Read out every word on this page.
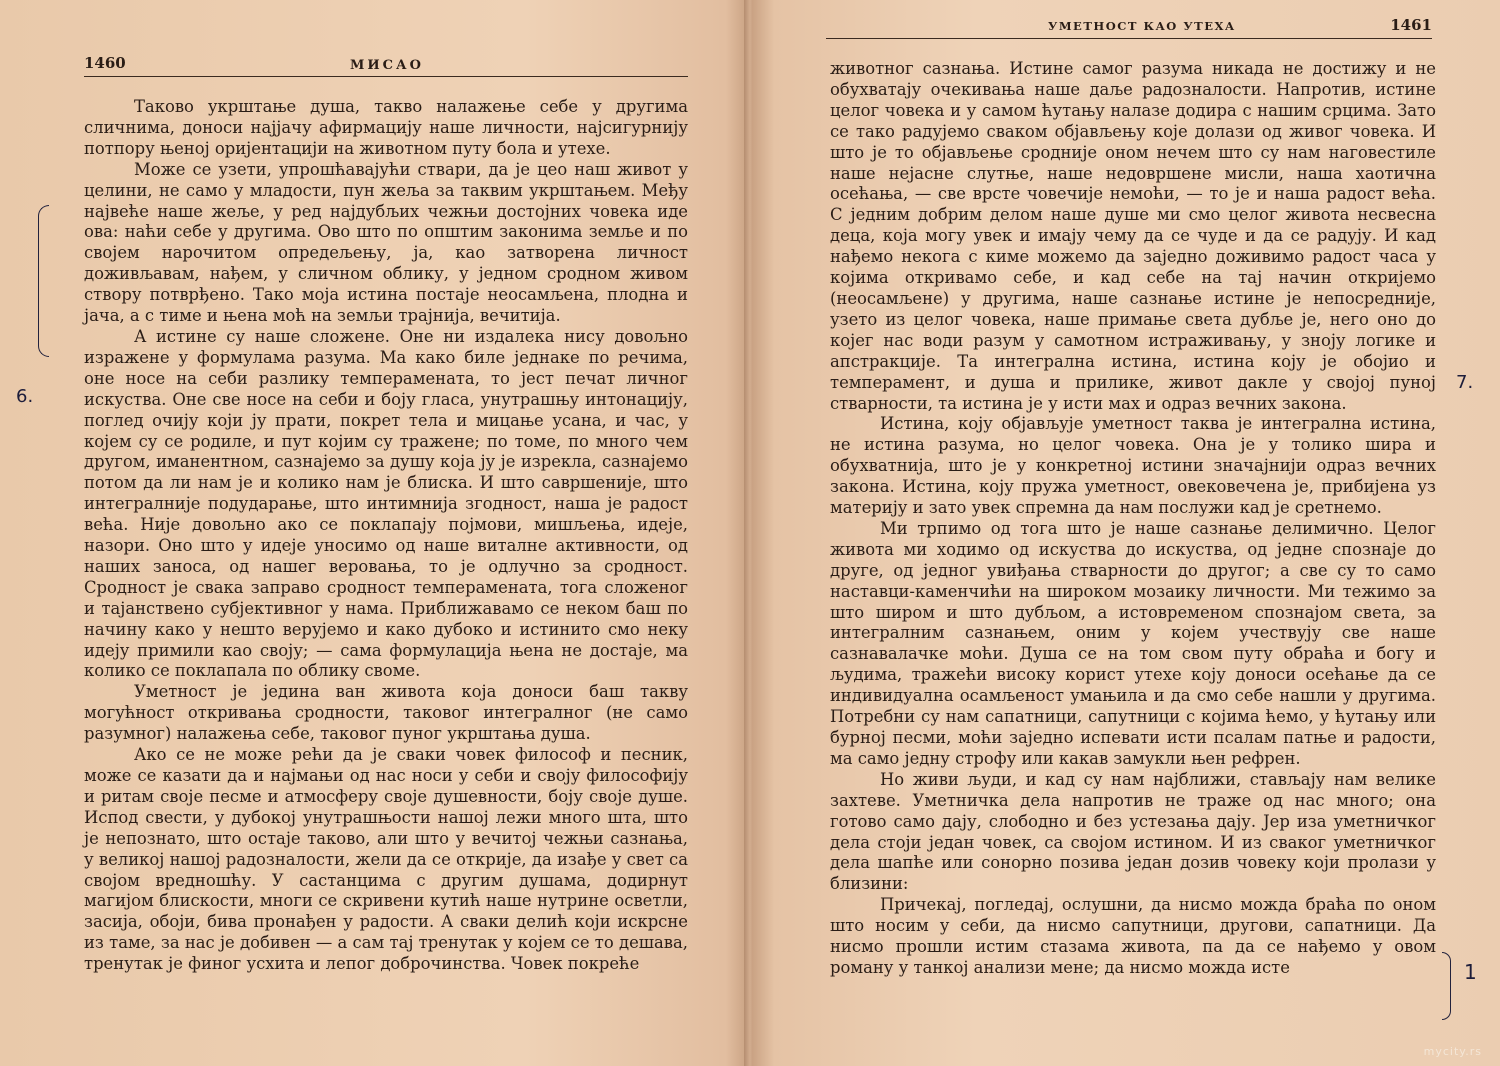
1460	МИСАО

Таково укрштање душа, такво налажење себе у другима сличнима, доноси најјачу афирмацију наше личности, најсигурнију потпору њеној оријентацији на животном путу бола и утехе.

Може се узети, упрошћавајући ствари, да је цео наш живот у целини, не само у младости, пун жеља за таквим укрштањем. Међу највеће наше жеље, у ред најдубљих чежњи достојних човека иде ова: наћи себе у другима. Ово што по општим законима земље и по својем нарочитом опредељењу, ја, као затворена личност доживљавам, нађем, у сличном облику, у једном сродном живом створу потврђено. Тако моја истина постаје неосамљена, плодна и јача, а с тиме и њена моћ на земљи трајнија, вечитија.

А истине су наше сложене. Оне ни издалека нису довољно изражене у формулама разума. Ма како биле једнаке по речима, оне носе на себи разлику темперамената, то јест печат личног искуства. Оне све носе на себи и боју гласа, унутрашњу интонацију, поглед очију који ју прати, покрет тела и мицање усана, и час, у којем су се родиле, и пут којим су тражене; по томе, по много чем другом, иманентном, сазнајемо за душу која ју је изрекла, сазнајемо потом да ли нам је и колико нам је блиска. И што савршеније, што интегралније подударање, што интимнија згодност, наша је радост већа. Није довољно ако се поклапају појмови, мишљења, идеје, назори. Оно што у идеје уносимо од наше виталне активности, од наших заноса, од нашег веровања, то је одлучно за сродност. Сродност је свака заправо сродност темперамената, тога сложеног и тајанствено субјективног у нама. Приближавамо се неком баш по начину како у нешто верујемо и како дубоко и истинито смо неку идеју примили као своју; — сама формулација њена не достаје, ма колико се поклапала по облику своме.

Уметност је једина ван живота која доноси баш такву могућност откривања сродности, таковог интегралног (не само разумног) налажења себе, таковог пуног укрштања душа.

Ако се не може рећи да је сваки човек философ и песник, може се казати да и најмањи од нас носи у себи и своју философију и ритам своје песме и атмосферу своје душевности, боју своје душе. Испод свести, у дубокој унутрашњости нашој лежи много шта, што је непознато, што остаје таково, али што у вечитој чежњи сазнања, у великој нашој радозналости, жели да се открије, да изађе у свет са својом вредношћу. У састанцима с другим душама, додирнут магијом блискости, многи се скривени кутић наше нутрине осветли, засија, обоји, бива пронађен у радости. А сваки делић који искрсне из таме, за нас је добивен — а сам тај тренутак у којем се то дешава, тренутак је финог усхита и лепог доброчинства. Човек покреће

6.
УМЕТНОСТ КАО УТЕХА	1461

животног сазнања. Истине самог разума никада не достижу и не обухватају очекивања наше даље радозналости. Напротив, истине целог човека и у самом ћутању налазе додира с нашим срцима. Зато се тако радујемо сваком објављењу које долази од живог човека. И што је то објављење сродније оном нечем што су нам наговестиле наше нејасне слутње, наше недовршене мисли, наша хаотична осећања, — све врсте човечије немоћи, — то је и наша радост већа. С једним добрим делом наше душе ми смо целог живота несвесна деца, која могу увек и имају чему да се чуде и да се радују. И кад нађемо некога с киме можемо да заједно доживимо радост часа у којима откривамо себе, и кад себе на тај начин откријемо (неосамљене) у другима, наше сазнање истине је непосредније, узето из целог човека, наше примање света дубље је, него оно до којег нас води разум у самотном истраживању, у знoју логике и апстракције. Та интегрална истина, истина коју је обојио и темперамент, и душа и прилике, живот дакле у својој пуној стварности, та истина је у исти мах и одраз вечних закона.

Истина, коју објављује уметност таква је интегрална истина, не истина разума, но целог човека. Она је у толико шира и обухватнија, што је у конкретној истини значајнији одраз вечних закона. Истина, коју пружа уметност, овековечена је, прибијена уз материју и зато увек спремна да нам послужи кад је сретнемо.

Ми трпимо од тога што је наше сазнање делимично. Целог живота ми ходимо од искуства до искуства, од једне спознаје до друге, од једног увиђања стварности до другог; а све су то само наставци-каменчићи на широком мозаику личности. Ми тежимо за што широм и што дубљом, а истовременом спознајом света, за интегралним сазнањем, оним у којем учествују све наше сазнавалачке моћи. Душа се на том свом путу обраћа и богу и људима, тражећи високу корист утехе коју доноси осећање да се индивидуална осамљеност умањила и да смо себе нашли у другима. Потребни су нам сапатници, сапутници с којима ћемо, у ћутању или бурној песми, моћи заједно испевати исти псалам патње и радости, ма само једну строфу или какав замукли њен рефрен.

Но живи људи, и кад су нам најближи, стављају нам велике захтеве. Уметничка дела напротив не траже од нас много; она готово само дају, слободно и без устезања дају. Јер иза уметничког дела стоји један човек, са својом истином. И из сваког уметничког дела шапће или сонорно позива један дозив човеку који пролази у близини:

Причекај, погледај, ослушни, да нисмо можда браћа по оном што носим у себи, да нисмо сапутници, другови, сапатници. Да нисмо прошли истим стазама живота, па да се нађемо у овом роману у танкој анализи мене; да нисмо можда исте

7.
1
mycity.rs
